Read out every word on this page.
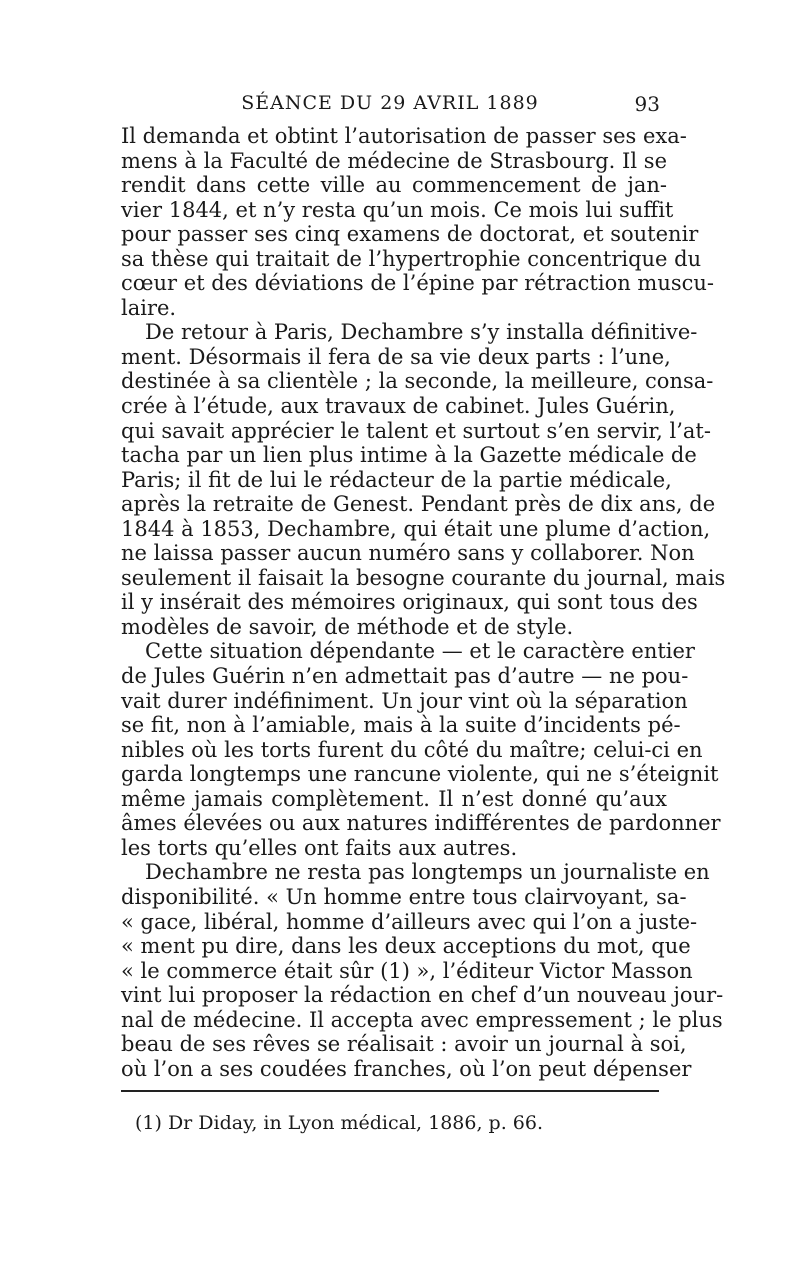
SÉANCE DU 29 AVRIL 1889	93
Il demanda et obtint l’autorisation de passer ses exa-
mens à la Faculté de médecine de Strasbourg. Il se
rendit dans cette ville au commencement de jan-
vier 1844, et n’y resta qu’un mois. Ce mois lui suffit
pour passer ses cinq examens de doctorat, et soutenir
sa thèse qui traitait de l’hypertrophie concentrique du
cœur et des déviations de l’épine par rétraction muscu-
laire.
De retour à Paris, Dechambre s’y installa définitive-
ment. Désormais il fera de sa vie deux parts : l’une,
destinée à sa clientèle ; la seconde, la meilleure, consa-
crée à l’étude, aux travaux de cabinet. Jules Guérin,
qui savait apprécier le talent et surtout s’en servir, l’at-
tacha par un lien plus intime à la Gazette médicale de
Paris; il fit de lui le rédacteur de la partie médicale,
après la retraite de Genest. Pendant près de dix ans, de
1844 à 1853, Dechambre, qui était une plume d’action,
ne laissa passer aucun numéro sans y collaborer. Non
seulement il faisait la besogne courante du journal, mais
il y insérait des mémoires originaux, qui sont tous des
modèles de savoir, de méthode et de style.
Cette situation dépendante — et le caractère entier
de Jules Guérin n’en admettait pas d’autre — ne pou-
vait durer indéfiniment. Un jour vint où la séparation
se fit, non à l’amiable, mais à la suite d’incidents pé-
nibles où les torts furent du côté du maître; celui-ci en
garda longtemps une rancune violente, qui ne s’éteignit
même jamais complètement. Il n’est donné qu’aux
âmes élevées ou aux natures indifférentes de pardonner
les torts qu’elles ont faits aux autres.
Dechambre ne resta pas longtemps un journaliste en
disponibilité. « Un homme entre tous clairvoyant, sa-
« gace, libéral, homme d’ailleurs avec qui l’on a juste-
« ment pu dire, dans les deux acceptions du mot, que
« le commerce était sûr (1) », l’éditeur Victor Masson
vint lui proposer la rédaction en chef d’un nouveau jour-
nal de médecine. Il accepta avec empressement ; le plus
beau de ses rêves se réalisait : avoir un journal à soi,
où l’on a ses coudées franches, où l’on peut dépenser
(1) Dr Diday, in Lyon médical, 1886, p. 66.
